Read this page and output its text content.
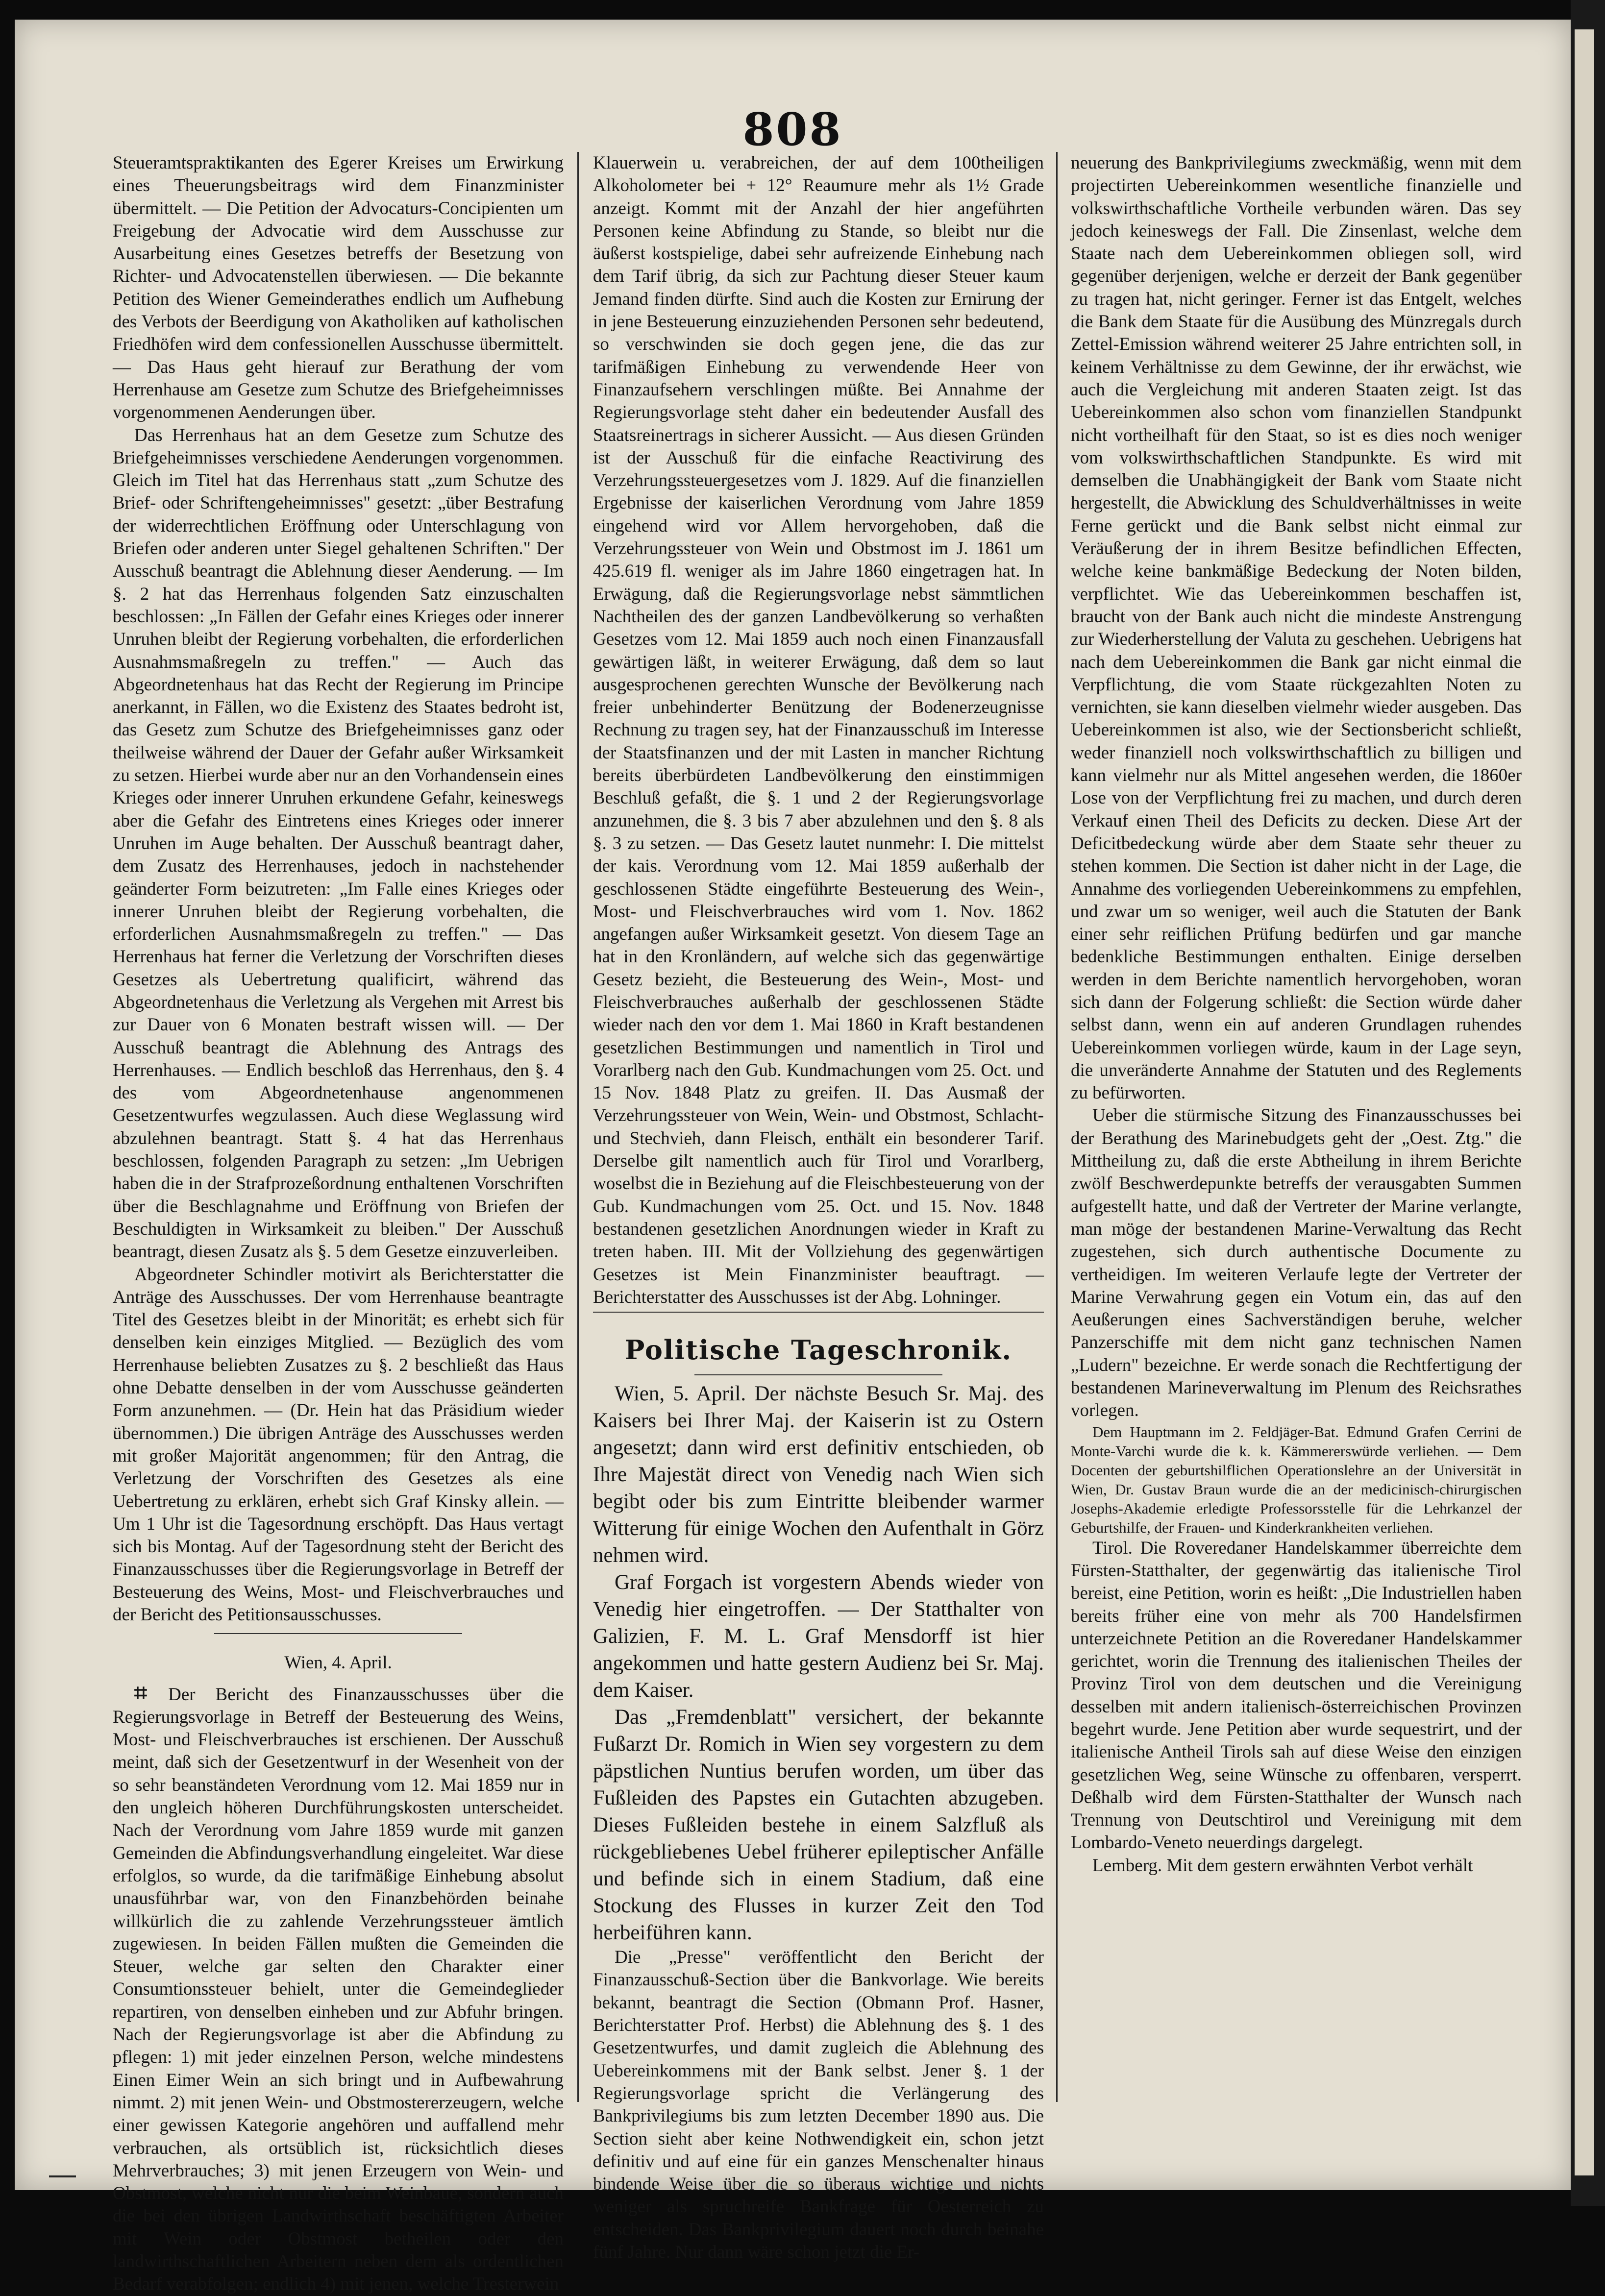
808

Steueramtspraktikanten des Egerer Kreises um Erwirkung eines Theuerungsbeitrags wird dem Finanzminister übermittelt. — Die Petition der Advocaturs-Concipienten um Freigebung der Advocatie wird dem Ausschusse zur Ausarbeitung eines Gesetzes betreffs der Besetzung von Richter- und Advocatenstellen überwiesen. — Die bekannte Petition des Wiener Gemeinderathes endlich um Aufhebung des Verbots der Beerdigung von Akatholiken auf katholischen Friedhöfen wird dem confessionellen Ausschusse übermittelt. — Das Haus geht hierauf zur Berathung der vom Herrenhause am Gesetze zum Schutze des Briefgeheimnisses vorgenommenen Aenderungen über.

Das Herrenhaus hat an dem Gesetze zum Schutze des Briefgeheimnisses verschiedene Aenderungen vorgenommen. Gleich im Titel hat das Herrenhaus statt „zum Schutze des Brief- oder Schriftengeheimnisses" gesetzt: „über Bestrafung der widerrechtlichen Eröffnung oder Unterschlagung von Briefen oder anderen unter Siegel gehaltenen Schriften." Der Ausschuß beantragt die Ablehnung dieser Aenderung. — Im §. 2 hat das Herrenhaus folgenden Satz einzuschalten beschlossen: „In Fällen der Gefahr eines Krieges oder innerer Unruhen bleibt der Regierung vorbehalten, die erforderlichen Ausnahmsmaßregeln zu treffen." — Auch das Abgeordnetenhaus hat das Recht der Regierung im Principe anerkannt, in Fällen, wo die Existenz des Staates bedroht ist, das Gesetz zum Schutze des Briefgeheimnisses ganz oder theilweise während der Dauer der Gefahr außer Wirksamkeit zu setzen. Hierbei wurde aber nur an den Vorhandensein eines Krieges oder innerer Unruhen erkundene Gefahr, keineswegs aber die Gefahr des Eintretens eines Krieges oder innerer Unruhen im Auge behalten. Der Ausschuß beantragt daher, dem Zusatz des Herrenhauses, jedoch in nachstehender geänderter Form beizutreten: „Im Falle eines Krieges oder innerer Unruhen bleibt der Regierung vorbehalten, die erforderlichen Ausnahmsmaßregeln zu treffen." — Das Herrenhaus hat ferner die Verletzung der Vorschriften dieses Gesetzes als Uebertretung qualificirt, während das Abgeordnetenhaus die Verletzung als Vergehen mit Arrest bis zur Dauer von 6 Monaten bestraft wissen will. — Der Ausschuß beantragt die Ablehnung des Antrags des Herrenhauses. — Endlich beschloß das Herrenhaus, den §. 4 des vom Abgeordnetenhause angenommenen Gesetzentwurfes wegzulassen. Auch diese Weglassung wird abzulehnen beantragt. Statt §. 4 hat das Herrenhaus beschlossen, folgenden Paragraph zu setzen: „Im Uebrigen haben die in der Strafprozeßordnung enthaltenen Vorschriften über die Beschlagnahme und Eröffnung von Briefen der Beschuldigten in Wirksamkeit zu bleiben." Der Ausschuß beantragt, diesen Zusatz als §. 5 dem Gesetze einzuverleiben.

Abgeordneter Schindler motivirt als Berichterstatter die Anträge des Ausschusses. Der vom Herrenhause beantragte Titel des Gesetzes bleibt in der Minorität; es erhebt sich für denselben kein einziges Mitglied. — Bezüglich des vom Herrenhause beliebten Zusatzes zu §. 2 beschließt das Haus ohne Debatte denselben in der vom Ausschusse geänderten Form anzunehmen. — (Dr. Hein hat das Präsidium wieder übernommen.) Die übrigen Anträge des Ausschusses werden mit großer Majorität angenommen; für den Antrag, die Verletzung der Vorschriften des Gesetzes als eine Uebertretung zu erklären, erhebt sich Graf Kinsky allein. — Um 1 Uhr ist die Tagesordnung erschöpft. Das Haus vertagt sich bis Montag. Auf der Tagesordnung steht der Bericht des Finanzausschusses über die Regierungsvorlage in Betreff der Besteuerung des Weins, Most- und Fleischverbrauches und der Bericht des Petitionsausschusses.

Wien, 4. April.

⌗ Der Bericht des Finanzausschusses über die Regierungsvorlage in Betreff der Besteuerung des Weins, Most- und Fleischverbrauches ist erschienen. Der Ausschuß meint, daß sich der Gesetzentwurf in der Wesenheit von der so sehr beanständeten Verordnung vom 12. Mai 1859 nur in den ungleich höheren Durchführungskosten unterscheidet. Nach der Verordnung vom Jahre 1859 wurde mit ganzen Gemeinden die Abfindungsverhandlung eingeleitet. War diese erfolglos, so wurde, da die tarifmäßige Einhebung absolut unausführbar war, von den Finanzbehörden beinahe willkürlich die zu zahlende Verzehrungssteuer ämtlich zugewiesen. In beiden Fällen mußten die Gemeinden die Steuer, welche gar selten den Charakter einer Consumtionssteuer behielt, unter die Gemeindeglieder repartiren, von denselben einheben und zur Abfuhr bringen. Nach der Regierungsvorlage ist aber die Abfindung zu pflegen: 1) mit jeder einzelnen Person, welche mindestens Einen Eimer Wein an sich bringt und in Aufbewahrung nimmt. 2) mit jenen Wein- und Obstmostererzeugern, welche einer gewissen Kategorie angehören und auffallend mehr verbrauchen, als ortsüblich ist, rücksichtlich dieses Mehrverbrauches; 3) mit jenen Erzeugern von Wein- und Obstmost, welche nicht nur die beim Weinbaue, sondern auch die bei den übrigen Landwirthschaft beschäftigten Arbeiter mit Wein oder Obstmost betheilen oder den landwirthschaftlichen Arbeitern neben dem als ordentlichen Bedarf verabfolgen; endlich 4) mit jenen, welche Tresterwein

Klauerwein u. verabreichen, der auf dem 100theiligen Alkoholometer bei + 12° Reaumure mehr als 1½ Grade anzeigt. Kommt mit der Anzahl der hier angeführten Personen keine Abfindung zu Stande, so bleibt nur die äußerst kostspielige, dabei sehr aufreizende Einhebung nach dem Tarif übrig, da sich zur Pachtung dieser Steuer kaum Jemand finden dürfte. Sind auch die Kosten zur Ernirung der in jene Besteuerung einzuziehenden Personen sehr bedeutend, so verschwinden sie doch gegen jene, die das zur tarifmäßigen Einhebung zu verwendende Heer von Finanzaufsehern verschlingen müßte. Bei Annahme der Regierungsvorlage steht daher ein bedeutender Ausfall des Staatsreinertrags in sicherer Aussicht. — Aus diesen Gründen ist der Ausschuß für die einfache Reactivirung des Verzehrungssteuergesetzes vom J. 1829. Auf die finanziellen Ergebnisse der kaiserlichen Verordnung vom Jahre 1859 eingehend wird vor Allem hervorgehoben, daß die Verzehrungssteuer von Wein und Obstmost im J. 1861 um 425.619 fl. weniger als im Jahre 1860 eingetragen hat. In Erwägung, daß die Regierungsvorlage nebst sämmtlichen Nachtheilen des der ganzen Landbevölkerung so verhaßten Gesetzes vom 12. Mai 1859 auch noch einen Finanzausfall gewärtigen läßt, in weiterer Erwägung, daß dem so laut ausgesprochenen gerechten Wunsche der Bevölkerung nach freier unbehinderter Benützung der Bodenerzeugnisse Rechnung zu tragen sey, hat der Finanzausschuß im Interesse der Staatsfinanzen und der mit Lasten in mancher Richtung bereits überbürdeten Landbevölkerung den einstimmigen Beschluß gefaßt, die §. 1 und 2 der Regierungsvorlage anzunehmen, die §. 3 bis 7 aber abzulehnen und den §. 8 als §. 3 zu setzen. — Das Gesetz lautet nunmehr: I. Die mittelst der kais. Verordnung vom 12. Mai 1859 außerhalb der geschlossenen Städte eingeführte Besteuerung des Wein-, Most- und Fleischverbrauches wird vom 1. Nov. 1862 angefangen außer Wirksamkeit gesetzt. Von diesem Tage an hat in den Kronländern, auf welche sich das gegenwärtige Gesetz bezieht, die Besteuerung des Wein-, Most- und Fleischverbrauches außerhalb der geschlossenen Städte wieder nach den vor dem 1. Mai 1860 in Kraft bestandenen gesetzlichen Bestimmungen und namentlich in Tirol und Vorarlberg nach den Gub. Kundmachungen vom 25. Oct. und 15 Nov. 1848 Platz zu greifen. II. Das Ausmaß der Verzehrungssteuer von Wein, Wein- und Obstmost, Schlacht- und Stechvieh, dann Fleisch, enthält ein besonderer Tarif. Derselbe gilt namentlich auch für Tirol und Vorarlberg, woselbst die in Beziehung auf die Fleischbesteuerung von der Gub. Kundmachungen vom 25. Oct. und 15. Nov. 1848 bestandenen gesetzlichen Anordnungen wieder in Kraft zu treten haben. III. Mit der Vollziehung des gegenwärtigen Gesetzes ist Mein Finanzminister beauftragt. — Berichterstatter des Ausschusses ist der Abg. Lohninger.

Politische Tageschronik.

Wien, 5. April. Der nächste Besuch Sr. Maj. des Kaisers bei Ihrer Maj. der Kaiserin ist zu Ostern angesetzt; dann wird erst definitiv entschieden, ob Ihre Majestät direct von Venedig nach Wien sich begibt oder bis zum Eintritte bleibender warmer Witterung für einige Wochen den Aufenthalt in Görz nehmen wird.

Graf Forgach ist vorgestern Abends wieder von Venedig hier eingetroffen. — Der Statthalter von Galizien, F. M. L. Graf Mensdorff ist hier angekommen und hatte gestern Audienz bei Sr. Maj. dem Kaiser.

Das „Fremdenblatt" versichert, der bekannte Fußarzt Dr. Romich in Wien sey vorgestern zu dem päpstlichen Nuntius berufen worden, um über das Fußleiden des Papstes ein Gutachten abzugeben. Dieses Fußleiden bestehe in einem Salzfluß als rückgebliebenes Uebel früherer epileptischer Anfälle und befinde sich in einem Stadium, daß eine Stockung des Flusses in kurzer Zeit den Tod herbeiführen kann.

Die „Presse" veröffentlicht den Bericht der Finanzausschuß-Section über die Bankvorlage. Wie bereits bekannt, beantragt die Section (Obmann Prof. Hasner, Berichterstatter Prof. Herbst) die Ablehnung des §. 1 des Gesetzentwurfes, und damit zugleich die Ablehnung des Uebereinkommens mit der Bank selbst. Jener §. 1 der Regierungsvorlage spricht die Verlängerung des Bankprivilegiums bis zum letzten December 1890 aus. Die Section sieht aber keine Nothwendigkeit ein, schon jetzt definitiv und auf eine für ein ganzes Menschenalter hinaus bindende Weise über die so überaus wichtige und nichts weniger als spruchreife Bankfrage für Oesterreich zu entscheiden. Das Bankprivilegium dauert noch durch beinahe fünf Jahre. Nur dann wäre schon jetzt die Er-

neuerung des Bankprivilegiums zweckmäßig, wenn mit dem projectirten Uebereinkommen wesentliche finanzielle und volkswirthschaftliche Vortheile verbunden wären. Das sey jedoch keineswegs der Fall. Die Zinsenlast, welche dem Staate nach dem Uebereinkommen obliegen soll, wird gegenüber derjenigen, welche er derzeit der Bank gegenüber zu tragen hat, nicht geringer. Ferner ist das Entgelt, welches die Bank dem Staate für die Ausübung des Münzregals durch Zettel-Emission während weiterer 25 Jahre entrichten soll, in keinem Verhältnisse zu dem Gewinne, der ihr erwächst, wie auch die Vergleichung mit anderen Staaten zeigt. Ist das Uebereinkommen also schon vom finanziellen Standpunkt nicht vortheilhaft für den Staat, so ist es dies noch weniger vom volkswirthschaftlichen Standpunkte. Es wird mit demselben die Unabhängigkeit der Bank vom Staate nicht hergestellt, die Abwicklung des Schuldverhältnisses in weite Ferne gerückt und die Bank selbst nicht einmal zur Veräußerung der in ihrem Besitze befindlichen Effecten, welche keine bankmäßige Bedeckung der Noten bilden, verpflichtet. Wie das Uebereinkommen beschaffen ist, braucht von der Bank auch nicht die mindeste Anstrengung zur Wiederherstellung der Valuta zu geschehen. Uebrigens hat nach dem Uebereinkommen die Bank gar nicht einmal die Verpflichtung, die vom Staate rückgezahlten Noten zu vernichten, sie kann dieselben vielmehr wieder ausgeben. Das Uebereinkommen ist also, wie der Sectionsbericht schließt, weder finanziell noch volkswirthschaftlich zu billigen und kann vielmehr nur als Mittel angesehen werden, die 1860er Lose von der Verpflichtung frei zu machen, und durch deren Verkauf einen Theil des Deficits zu decken. Diese Art der Deficitbedeckung würde aber dem Staate sehr theuer zu stehen kommen. Die Section ist daher nicht in der Lage, die Annahme des vorliegenden Uebereinkommens zu empfehlen, und zwar um so weniger, weil auch die Statuten der Bank einer sehr reiflichen Prüfung bedürfen und gar manche bedenkliche Bestimmungen enthalten. Einige derselben werden in dem Berichte namentlich hervorgehoben, woran sich dann der Folgerung schließt: die Section würde daher selbst dann, wenn ein auf anderen Grundlagen ruhendes Uebereinkommen vorliegen würde, kaum in der Lage seyn, die unveränderte Annahme der Statuten und des Reglements zu befürworten.

Ueber die stürmische Sitzung des Finanzausschusses bei der Berathung des Marinebudgets geht der „Oest. Ztg." die Mittheilung zu, daß die erste Abtheilung in ihrem Berichte zwölf Beschwerdepunkte betreffs der verausgabten Summen aufgestellt hatte, und daß der Vertreter der Marine verlangte, man möge der bestandenen Marine-Verwaltung das Recht zugestehen, sich durch authentische Documente zu vertheidigen. Im weiteren Verlaufe legte der Vertreter der Marine Verwahrung gegen ein Votum ein, das auf den Aeußerungen eines Sachverständigen beruhe, welcher Panzerschiffe mit dem nicht ganz technischen Namen „Ludern" bezeichne. Er werde sonach die Rechtfertigung der bestandenen Marineverwaltung im Plenum des Reichsrathes vorlegen.

Dem Hauptmann im 2. Feldjäger-Bat. Edmund Grafen Cerrini de Monte-Varchi wurde die k. k. Kämmererswürde verliehen. — Dem Docenten der geburtshilflichen Operationslehre an der Universität in Wien, Dr. Gustav Braun wurde die an der medicinisch-chirurgischen Josephs-Akademie erledigte Professorsstelle für die Lehrkanzel der Geburtshilfe, der Frauen- und Kinderkrankheiten verliehen.

Tirol. Die Roveredaner Handelskammer überreichte dem Fürsten-Statthalter, der gegenwärtig das italienische Tirol bereist, eine Petition, worin es heißt: „Die Industriellen haben bereits früher eine von mehr als 700 Handelsfirmen unterzeichnete Petition an die Roveredaner Handelskammer gerichtet, worin die Trennung des italienischen Theiles der Provinz Tirol von dem deutschen und die Vereinigung desselben mit andern italienisch-österreichischen Provinzen begehrt wurde. Jene Petition aber wurde sequestrirt, und der italienische Antheil Tirols sah auf diese Weise den einzigen gesetzlichen Weg, seine Wünsche zu offenbaren, versperrt. Deßhalb wird dem Fürsten-Statthalter der Wunsch nach Trennung von Deutschtirol und Vereinigung mit dem Lombardo-Veneto neuerdings dargelegt.

Lemberg. Mit dem gestern erwähnten Verbot verhält
